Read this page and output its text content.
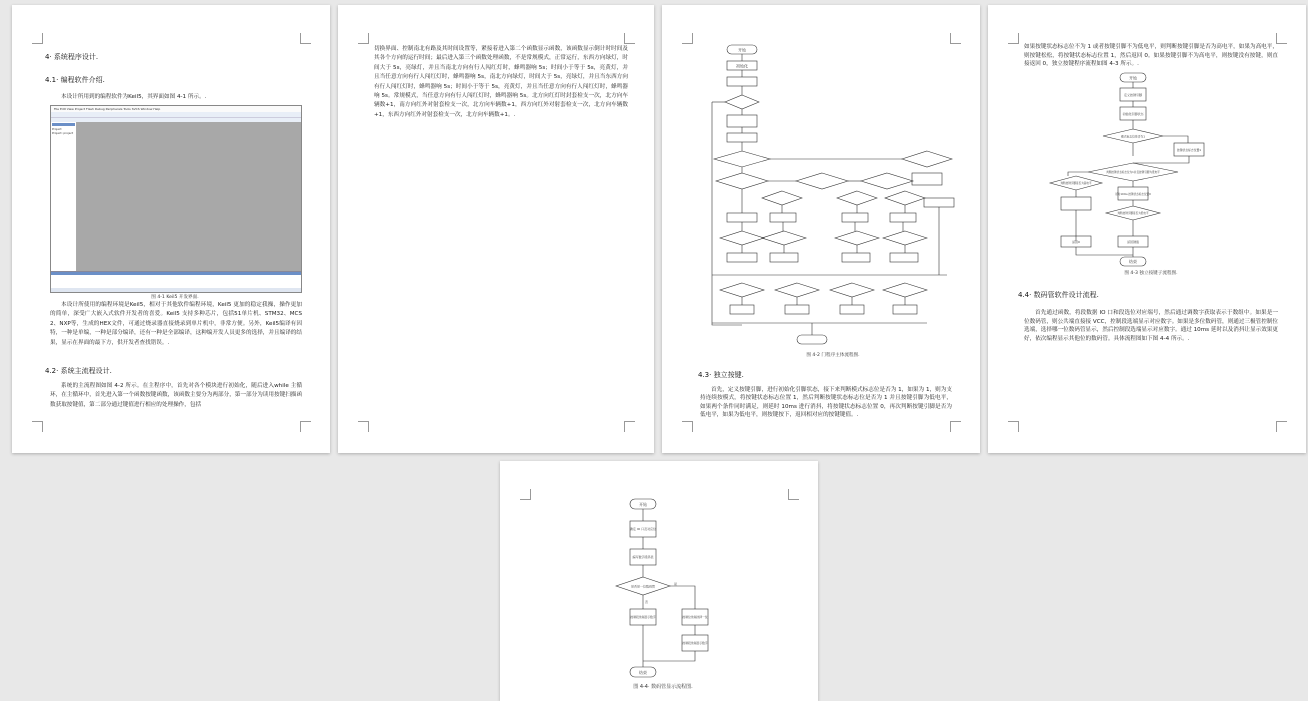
4· 系统程序设计.
4.1· 编程软件介绍.
本设计所用到的编程软件为Keil5，其界面如图 4-1 所示。.
File Edit View Project Flash Debug Peripherals Tools SVCS Window Help
Project
Project: project
图 4-1 Keil5 开发界面.
本设计所使用的编程环境是Keil5，相对于其他软件编程环境，Keil5 更加的稳定我操，操作更加的简单，深受广大嵌入式软件开发者的喜爱。Keil5 支持多种芯片，包括51单片机、STM32、MCS2、NXP等，生成的HEX文件，可通过烧录器直接烧录到单片机中，非常方便。另外，Keil5编译有因特，一种是单编，一种是部分编译，还有一种是全部编译，这种编开发人员更多的选择，并且编译的结果，显示在界面的最下方，供开发者查找错误。.
4.2· 系统主流程设计.
系统的主流程图如图 4-2 所示。在主程序中，首先对各个模块进行初始化，随后进入while 主循环，在主循环中，首先进入第一个函数按键函数，该函数主要分为两部分，第一部分为读用按键扫描函数获取按键值，第二部分通过键值进行相应的处理操作，包括
切换界面、控制南北有路及其时间设置等，紧接着进入第二个函数显示函数，该函数显示倒计时时间及其各个方向的运行时间；最后进入第三个函数处理函数，不是常规模式，正常运行，东西方向绿灯，时间大于 5s，亮绿灯，并且当南北方向有行人闯红灯时，蜂鸣器响 5s；时间小于等于 5s，亮黄灯，并且当任意方向有行人闯红灯时，蜂鸣器响 5s，南北方向绿灯，时间大于 5s，亮绿灯，并且当东西方向有行人闯红灯时，蜂鸣器响 5s；时间小于等于 5s，亮黄灯，并且当任意方向有行人闯红灯时，蜂鸣器响 5s。常规模式，当任意方向有行人闯红灯时，蜂鸣器响 5s。北方向红灯时封套检支一次，北方向车辆数+1，南方向红外对射套检支一次，北方向车辆数+1，西方向红外对射套检支一次，北方向车辆数+1，东西方向红外对射套检支一次，北方向车辆数+1。.
开始
初始化
图 4-2 门程序主体流程图.
4.3· 独立按键.
首先，定义按键引脚，进行初始化引脚状态，接下来判断模式标志位是否为 1，如果为 1，则为支持连续按模式，将按键状态标志位置 1，然后判断按键状态标志位是否为 1 并且按键引脚为低电平，如果两个条件同时满足，则延时 10ms 进行消抖，将按键状态标志位置 0，再次判断按键引脚是否为低电平，如果为低电平，则按键按下，返回相对应的按键键值。.
如果按键状态标志位不为 1 或者按键引脚不为低电平，则判断按键引脚是否为高电平，如果为高电平，则按键松松，将按键状态标志位置 1，然后返回 0。如果按键引脚不为高电平，则按键没有按键，则直接返回 0，独立按键程序流程如图 4-3 所示。.
开始
定义按键引脚
初始化引脚状态
模式标志位是否为1
按键状态标志位置1
判断按键状态标志位为1并且按键引脚为低电平
延时10ms 按键状态标志位置0
判断按键引脚是否为低电平
判断按键引脚是否为高电平
返回0	返回键值
结束
图 4-3 独立按键子流程图.
4.4· 数码管软件设计流程.
首先通过函数，将段数据 IO 口和段选位对应端号，然后通过调数字获取表示于数组中。如果是一位数码管，则公共端直接接 VCC，控制段选端显示对应数字。如果是多位数码管，则通过三极管控制位选端，选择哪一位数码管显示，然后控制段选端显示对应数字。通过 10ms 延时以及消抖让显示效果更好，依次编程显示其他位的数码管。具体流程图如下图 4-4 所示。.
开始
确定 IO 口及对应位
编写数字段码表
是否是一位数码管
是
否
控制段选端显示数字	控制位选端选择一位
控制段选端显示数字
结束
图 4-4· 数码管显示流程图.
